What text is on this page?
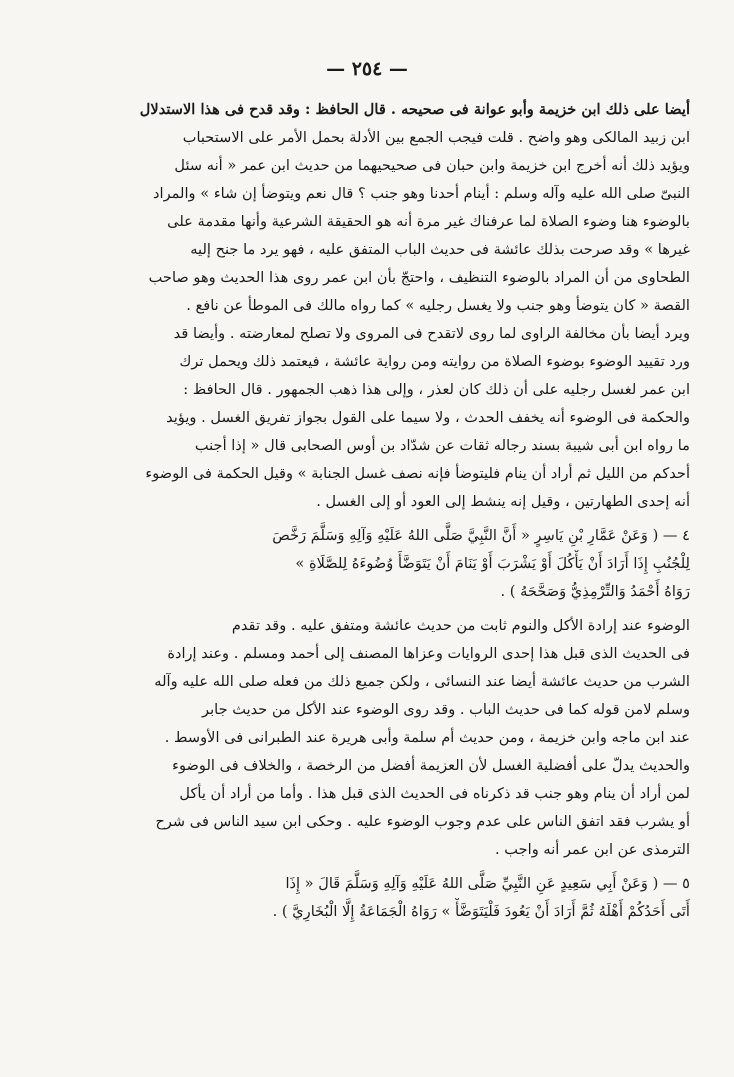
— ٢٥٤ —
أيضا على ذلك ابن خزيمة وأبو عوانة فى صحيحه . قال الحافظ : وقد قدح فى هذا الاستدلال
ابن زبيد المالكى وهو واضح . قلت فيجب الجمع بين الأدلة بحمل الأمر على الاستحباب
ويؤيد ذلك أنه أخرج ابن خزيمة وابن حبان فى صحيحيهما من حديث ابن عمر « أنه سئل
النبىّ صلى الله عليه وآله وسلم : أينام أحدنا وهو جنب ؟ قال نعم ويتوضأ إن شاء » والمراد
بالوضوء هنا وضوء الصلاة لما عرفناك غير مرة أنه هو الحقيقة الشرعية وأنها مقدمة على
غيرها » وقد صرحت بذلك عائشة فى حديث الباب المتفق عليه ، فهو يرد ما جنح إليه
الطحاوى من أن المراد بالوضوء التنظيف ، واحتجّ بأن ابن عمر روى هذا الحديث وهو صاحب
القصة « كان يتوضأ وهو جنب ولا يغسل رجليه » كما رواه مالك فى الموطأ عن نافع .
ويرد أيضا بأن مخالفة الراوى لما روى لاتقدح فى المروى ولا تصلح لمعارضته . وأيضا قد
ورد تقييد الوضوء بوضوء الصلاة من روايته ومن رواية عائشة ، فيعتمد ذلك ويحمل ترك
ابن عمر لغسل رجليه على أن ذلك كان لعذر ، وإلى هذا ذهب الجمهور . قال الحافظ :
والحكمة فى الوضوء أنه يخفف الحدث ، ولا سيما على القول بجواز تفريق الغسل . ويؤيد
ما رواه ابن أبى شيبة بسند رجاله ثقات عن شدّاد بن أوس الصحابى قال « إذا أجنب
أحدكم من الليل ثم أراد أن ينام فليتوضأ فإنه نصف غسل الجنابة » وقيل الحكمة فى الوضوء
أنه إحدى الطهارتين ، وقيل إنه ينشط إلى العود أو إلى الغسل .
٤ — ( وَعَنْ عَمَّارِ بْنِ يَاسِرٍ « أَنَّ النَّبِيَّ صَلَّى اللهُ عَلَيْهِ وَآلِهِ وَسَلَّمَ رَخَّصَ
لِلْجُنُبِ إِذَا أَرَادَ أَنْ يَأْكُلَ أَوْ يَشْرَبَ أَوْ يَنَامَ أَنْ يَتَوَضَّأَ وُضُوءَهُ لِلصَّلَاةِ »
رَوَاهُ أَحْمَدُ وَالتِّرْمِذِيُّ وَصَحَّحَهُ ) .
الوضوء عند إرادة الأكل والنوم ثابت من حديث عائشة ومتفق عليه . وقد تقدم
فى الحديث الذى قبل هذا إحدى الروايات وعزاها المصنف إلى أحمد ومسلم . وعند إرادة
الشرب من حديث عائشة أيضا عند النسائى ، ولكن جميع ذلك من فعله صلى الله عليه وآله
وسلم لامن قوله كما فى حديث الباب . وقد روى الوضوء عند الأكل من حديث جابر
عند ابن ماجه وابن خزيمة ، ومن حديث أم سلمة وأبى هريرة عند الطبرانى فى الأوسط .
والحديث يدلّ على أفضلية الغسل لأن العزيمة أفضل من الرخصة ، والخلاف فى الوضوء
لمن أراد أن ينام وهو جنب قد ذكرناه فى الحديث الذى قبل هذا . وأما من أراد أن يأكل
أو يشرب فقد اتفق الناس على عدم وجوب الوضوء عليه . وحكى ابن سيد الناس فى شرح
الترمذى عن ابن عمر أنه واجب .
٥ — ( وَعَنْ أَبِي سَعِيدٍ عَنِ النَّبِيِّ صَلَّى اللهُ عَلَيْهِ وَآلِهِ وَسَلَّمَ قَالَ « إِذَا
أَتَى أَحَدُكُمْ أَهْلَهُ ثُمَّ أَرَادَ أَنْ يَعُودَ فَلْيَتَوَضَّأْ » رَوَاهُ الْجَمَاعَةُ إِلَّا الْبُخَارِيَّ ) .
